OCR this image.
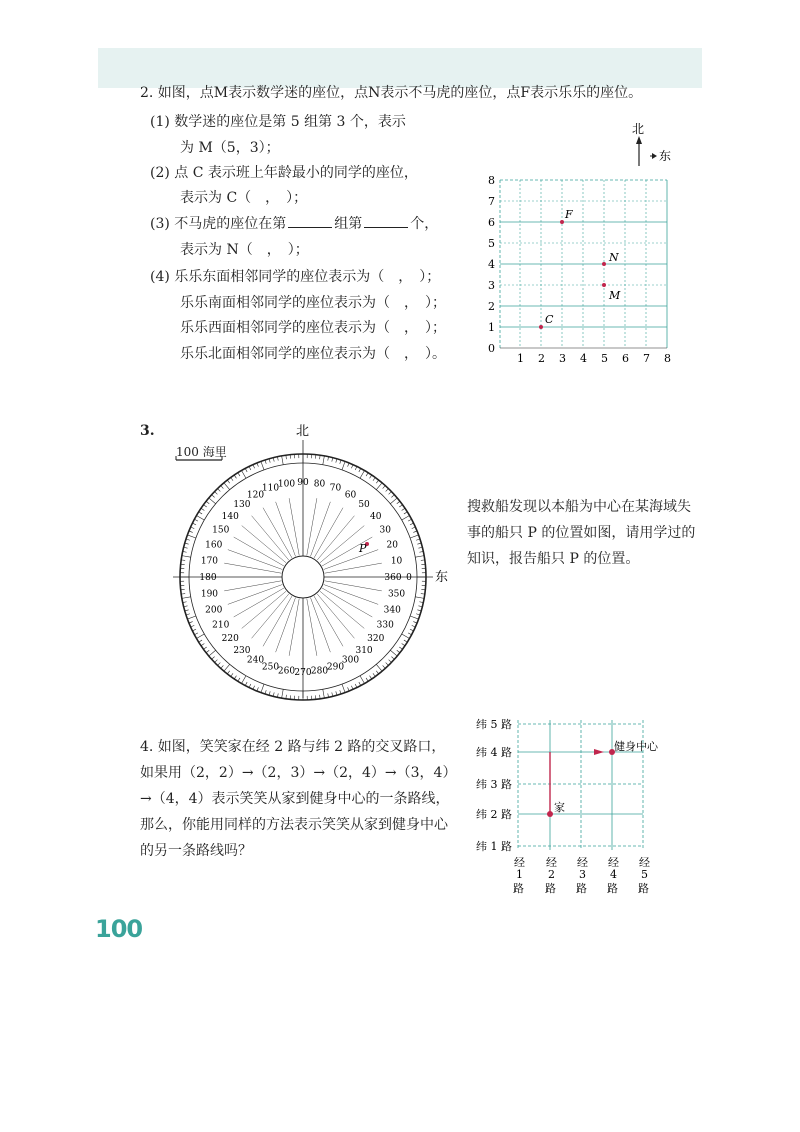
2. 如图，点M表示数学迷的座位，点N表示不马虎的座位，点F表示乐乐的座位。
(1) 数学迷的座位是第 5 组第 3 个，表示
为 M（5，3）；
(2) 点 C 表示班上年龄最小的同学的座位，
表示为 C（　，　）；
(3) 不马虎的座位在第	组第	个，
表示为 N（　，　）；
(4) 乐乐东面相邻同学的座位表示为（　，　）；
乐乐南面相邻同学的座位表示为（　，　）；
乐乐西面相邻同学的座位表示为（　，　）；
乐乐北面相邻同学的座位表示为（　，　）。
北
东
0
1
2
3
4
5
6
7
8
1 2 3 4 5 6 7 8
F
N
M
C
3.
100 海里
北
东
0
10
20
30
40
50
60
70
80
90
100
110
120
130
140
150
160
170
180
190
200
210
220
230
240
250
260 270 280
290
300
310
320
330
340
350
360
P
搜救船发现以本船为中心在某海域失事的船只 P 的位置如图，请用学过的知识，报告船只 P 的位置。
4. 如图，笑笑家在经 2 路与纬 2 路的交叉路口，如果用（2，2）→（2，3）→（2，4）→（3，4）→（4，4）表示笑笑从家到健身中心的一条路线，那么，你能用同样的方法表示笑笑从家到健身中心的另一条路线吗？
家
健身中心
纬 5 路
纬 4 路
纬 3 路
纬 2 路
纬 1 路
经 1 路
经 2 路
经 3 路
经 4 路
经 5 路
100
